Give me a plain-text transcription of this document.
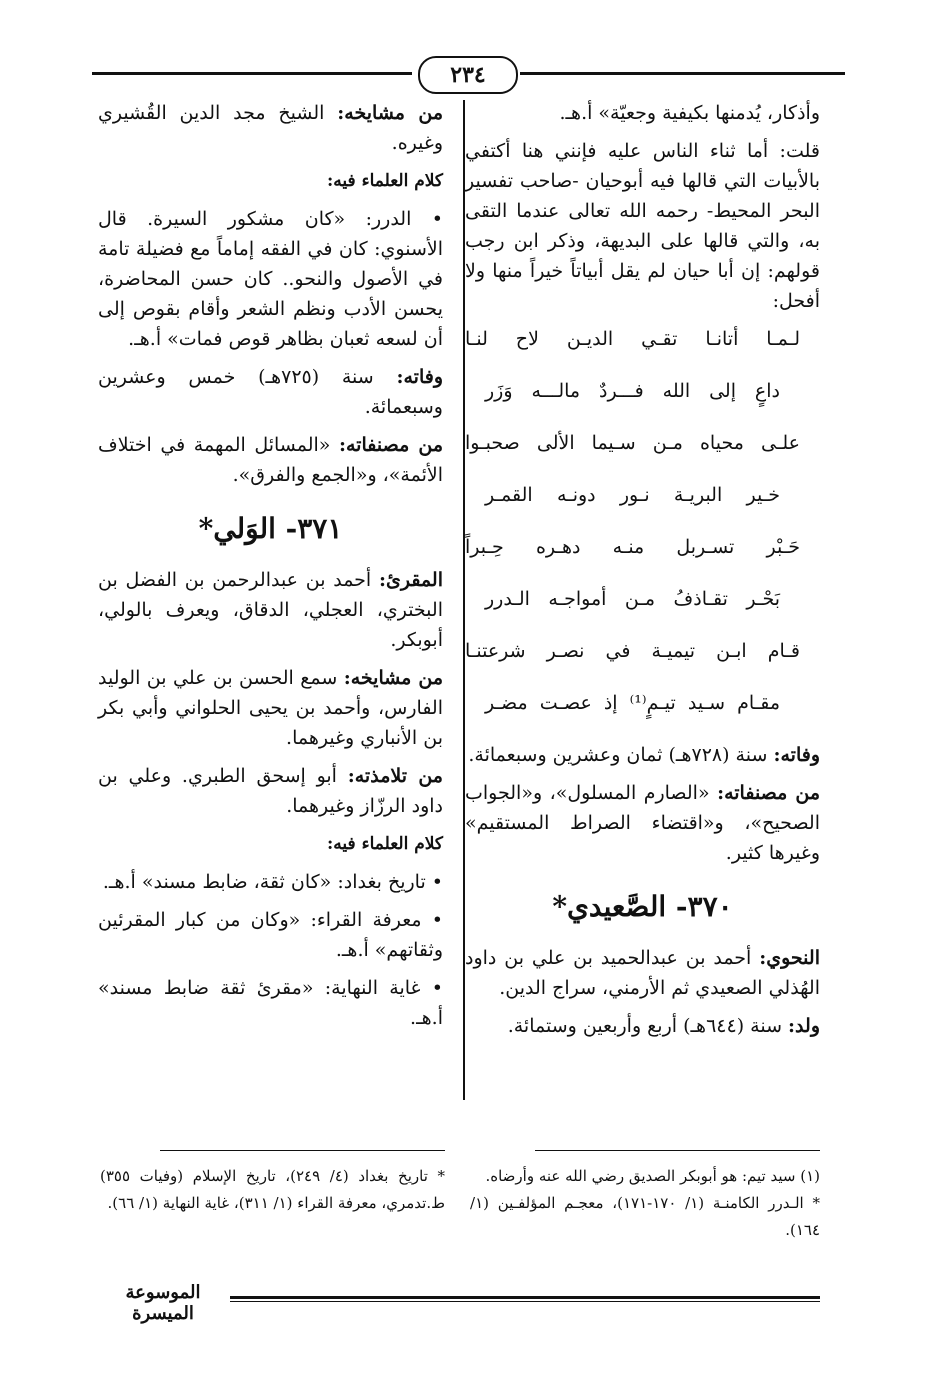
٢٣٤

وأذكار، يُدمنها بكيفية وجعيّة» أ.هـ.

قلت: أما ثناء الناس عليه فإنني هنا أكتفي بالأبيات التي قالها فيه أبوحيان -صاحب تفسير البحر المحيط- رحمه الله تعالى عندما التقى به، والتي قالها على البديهة، وذكر ابن رجب قولهم: إن أبا حيان لم يقل أبياتاً خيراً منها ولا أفحل:

لـمـا أتانـا تقـي الديـن لاح لنـا

داعٍ إلى الله فـــردٌ مالـــه وَزَر

علـى محياه مـن سـيما الألى صحبـوا

خـير البريـة نـور دونـه القمـر

حَـبْر تسـربل منـه دهـره حِـبراً

بَحْـر تقـاذفُ مـن أمواجـه الـدرر

قـام ابـن تيميـة في نصـر شرعتنـا

مقـام سـيد تيـمٍ⁽¹⁾ إذ عصـت مضـر

وفاته: سنة (٧٢٨هـ) ثمان وعشرين وسبعمائة.

من مصنفاته: «الصارم المسلول»، و«الجواب الصحيح»، و«اقتضاء الصراط المستقيم» وغيرها كثير.

٣٧٠- الصَّعيدي*

النحوي: أحمد بن عبدالحميد بن علي بن داود الهُذلي الصعيدي ثم الأرمني، سراج الدين.

ولد: سنة (٦٤٤هـ) أربع وأربعين وستمائة.

من مشايخه: الشيخ مجد الدين القُشيري وغيره.

كلام العلماء فيه:

• الدرر: «كان مشكور السيرة. قال الأسنوي: كان في الفقه إماماً مع فضيلة تامة في الأصول والنحو.. كان حسن المحاضرة، يحسن الأدب ونظم الشعر وأقام بقوص إلى أن لسعه ثعبان بظاهر قوص فمات» أ.هـ.

وفاته: سنة (٧٢٥هـ) خمس وعشرين وسبعمائة.

من مصنفاته: «المسائل المهمة في اختلاف الأئمة»، و«الجمع والفرق».

٣٧١- الوَلي*

المقرئ: أحمد بن عبدالرحمن بن الفضل بن البختري، العجلي، الدقاق، ويعرف بالولي، أبوبكر.

من مشايخه: سمع الحسن بن علي بن الوليد الفارس، وأحمد بن يحيى الحلواني وأبي بكر بن الأنباري وغيرهما.

من تلامذته: أبو إسحق الطبري. وعلي بن داود الرزّاز وغيرهما.

كلام العلماء فيه:

• تاريخ بغداد: «كان ثقة، ضابط مسند» أ.هـ.

• معرفة القراء: «وكان من كبار المقرئين وثقاتهم» أ.هـ.

• غاية النهاية: «مقرئ ثقة ضابط مسند» أ.هـ.

(١) سيد تيم: هو أبوبكر الصديق رضي الله عنه وأرضاه.

* الـدرر الكامنـة (١/ ١٧٠-١٧١)، معجـم المؤلفـين (١/ ١٦٤).

* تاريخ بغداد (٤/ ٢٤٩)، تاريخ الإسلام (وفيات ٣٥٥) ط.تدمري، معرفة القراء (١/ ٣١١)، غاية النهاية (١/ ٦٦).

الموسوعة الميسرة
